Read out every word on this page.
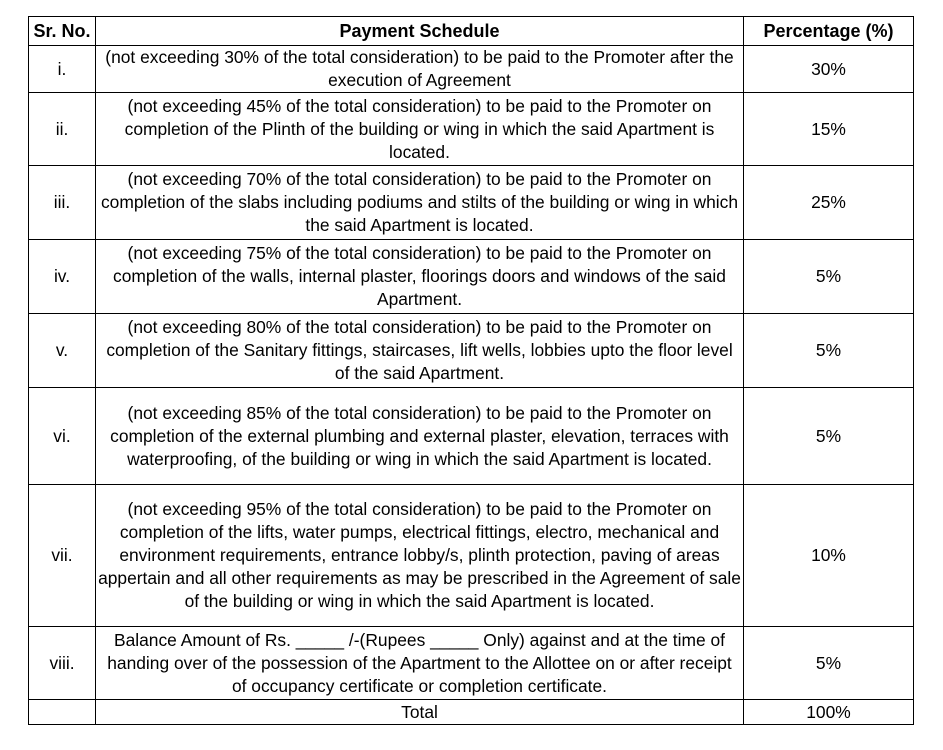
Sr. No.	Payment Schedule	Percentage (%)
i.	(not exceeding 30% of the total consideration) to be paid to the Promoter after the execution of Agreement	30%
ii.	(not exceeding 45% of the total consideration) to be paid to the Promoter on completion of the Plinth of the building or wing in which the said Apartment is located.	15%
iii.	(not exceeding 70% of the total consideration) to be paid to the Promoter on completion of the slabs including podiums and stilts of the building or wing in which the said Apartment is located.	25%
iv.	(not exceeding 75% of the total consideration) to be paid to the Promoter on completion of the walls, internal plaster, floorings doors and windows of the said Apartment.	5%
v.	(not exceeding 80% of the total consideration) to be paid to the Promoter on completion of the Sanitary fittings, staircases, lift wells, lobbies upto the floor level of the said Apartment.	5%
vi.	(not exceeding 85% of the total consideration) to be paid to the Promoter on completion of the external plumbing and external plaster, elevation, terraces with waterproofing, of the building or wing in which the said Apartment is located.	5%
vii.	(not exceeding 95% of the total consideration) to be paid to the Promoter on completion of the lifts, water pumps, electrical fittings, electro, mechanical and environment requirements, entrance lobby/s, plinth protection, paving of areas appertain and all other requirements as may be prescribed in the Agreement of sale of the building or wing in which the said Apartment is located.	10%
viii.	Balance Amount of Rs. _____ /-(Rupees _____ Only) against and at the time of handing over of the possession of the Apartment to the Allottee on or after receipt of occupancy certificate or completion certificate.	5%
	Total	100%
